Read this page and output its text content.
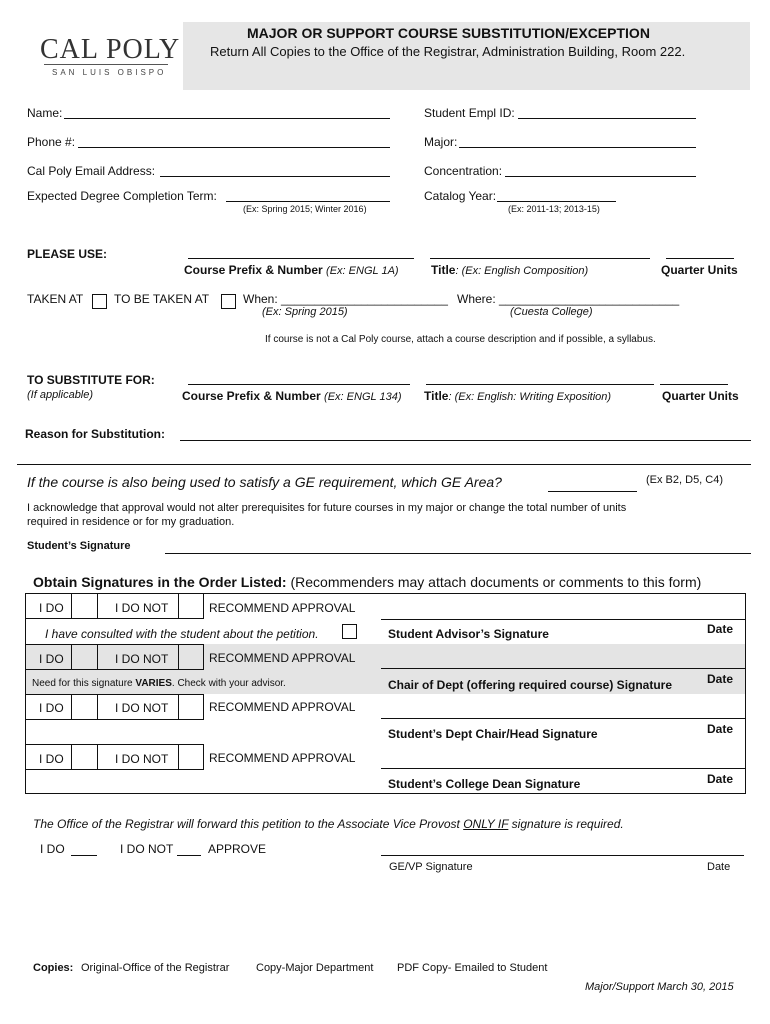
CAL POLY
SAN LUIS OBISPO
MAJOR OR SUPPORT COURSE SUBSTITUTION/EXCEPTION
Return All Copies to the Office of the Registrar, Administration Building, Room 222.
Name:	Student Empl ID:
Phone #:	Major:
Cal Poly Email Address:	Concentration:
Expected Degree Completion Term:
(Ex: Spring 2015; Winter 2016)
Catalog Year:
(Ex: 2011-13; 2013-15)
PLEASE USE:
Course Prefix & Number (Ex: ENGL 1A)	Title: (Ex: English Composition)	Quarter Units
TAKEN AT	TO BE TAKEN AT	When: _________________________
(Ex: Spring 2015)
Where: ___________________________
(Cuesta College)
If course is not a Cal Poly course, attach a course description and if possible, a syllabus.
TO SUBSTITUTE FOR:
(If applicable)	Course Prefix & Number (Ex: ENGL 134) Title: (Ex: English: Writing Exposition)	Quarter Units
Reason for Substitution:
If the course is also being used to satisfy a GE requirement, which GE Area?	(Ex B2, D5, C4)
I acknowledge that approval would not alter prerequisites for future courses in my major or change the total number of units
required in residence or for my graduation.
Student’s Signature
Obtain Signatures in the Order Listed: (Recommenders may attach documents or comments to this form)
I DO	I DO NOT	RECOMMEND APPROVAL
I have consulted with the student about the petition.	Student Advisor’s Signature	Date
I DO	I DO NOT	RECOMMEND APPROVAL
Need for this signature VARIES. Check with your advisor.	Chair of Dept (offering required course) Signature	Date
I DO	I DO NOT	RECOMMEND APPROVAL
Student’s Dept Chair/Head Signature	Date
I DO	I DO NOT	RECOMMEND APPROVAL
Student’s College Dean Signature	Date
The Office of the Registrar will forward this petition to the Associate Vice Provost ONLY IF signature is required.
I DO	I DO NOT	APPROVE
GE/VP Signature	Date
Copies: Original-Office of the Registrar Copy-Major Department PDF Copy- Emailed to Student
Major/Support March 30, 2015
